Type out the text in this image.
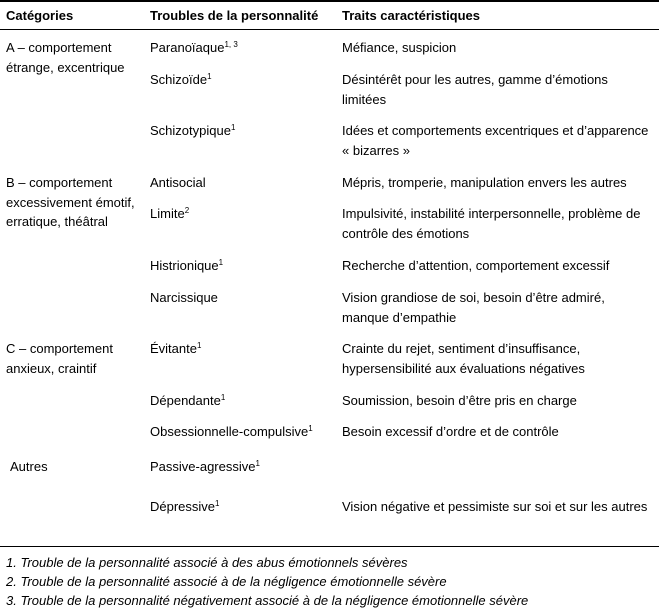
Catégories	Troubles de la personnalité	Traits caractéristiques
A – comportement étrange, excentrique
Paranoïaque$^{1, 3}$	Méfiance, suspicion
Schizoïde$^1$	Désintérêt pour les autres, gamme d’émotions limitées
Schizotypique$^1$	Idées et comportements excentriques et d’apparence « bizarres »
B – comportement excessivement émotif, erratique, théâtral
Antisocial	Mépris, tromperie, manipulation envers les autres
Limite$^2$	Impulsivité, instabilité interpersonnelle, problème de contrôle des émotions
Histrionique$^1$	Recherche d’attention, comportement excessif
Narcissique	Vision grandiose de soi, besoin d’être admiré, manque d’empathie
C – comportement anxieux, craintif
Évitante$^1$	Crainte du rejet, sentiment d’insuffisance, hypersensibilité aux évaluations négatives
Dépendante$^1$	Soumission, besoin d’être pris en charge
Obsessionnelle-compulsive$^1$	Besoin excessif d’ordre et de contrôle
Autres	Passive-agressive$^1$
Dépressive$^1$	Vision négative et pessimiste sur soi et sur les autres
1. Trouble de la personnalité associé à des abus émotionnels sévères
2. Trouble de la personnalité associé à de la négligence émotionnelle sévère
3. Trouble de la personnalité négativement associé à de la négligence émotionnelle sévère
